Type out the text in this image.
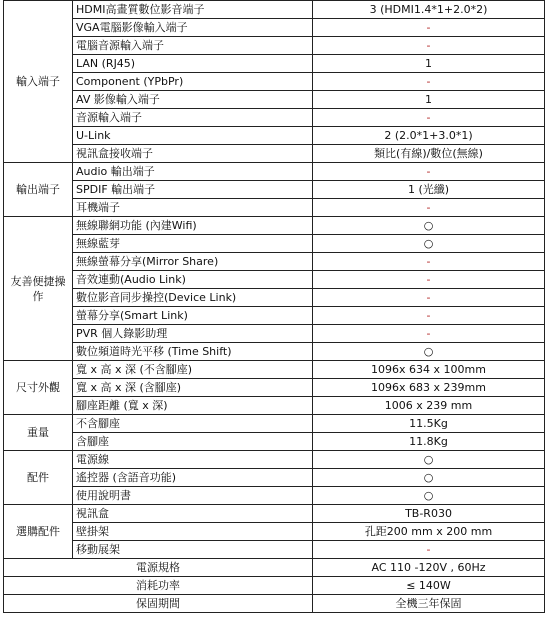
輸入端子	HDMI高畫質數位影音端子	3 (HDMI1.4*1+2.0*2)
	VGA電腦影像輸入端子	-
	電腦音源輸入端子	-
	LAN (RJ45)	1
	Component (YPbPr)	-
	AV 影像輸入端子	1
	音源輸入端子	-
	U-Link	2 (2.0*1+3.0*1)
	視訊盒接收端子	類比(有線)/數位(無線)
輸出端子	Audio 輸出端子	-
	SPDIF 輸出端子	1 (光纖)
	耳機端子	-
友善便捷操作	無線聯網功能 (內建Wifi)	○
	無線藍芽	○
	無線螢幕分享(Mirror Share)	-
	音效連動(Audio Link)	-
	數位影音同步操控(Device Link)	-
	螢幕分享(Smart Link)	-
	PVR 個人錄影助理	-
	數位頻道時光平移 (Time Shift)	○
尺寸外觀	寬 x 高 x 深 (不含腳座)	1096x 634 x 100mm
	寬 x 高 x 深 (含腳座)	1096x 683 x 239mm
	腳座距離 (寬 x 深)	1006 x 239 mm
重量	不含腳座	11.5Kg
	含腳座	11.8Kg
配件	電源線	○
	遙控器 (含語音功能)	○
	使用說明書	○
選購配件	視訊盒	TB-R030
	壁掛架	孔距200 mm x 200 mm
	移動展架	-
電源規格		AC 110 -120V , 60Hz
消耗功率		≤ 140W
保固期間		全機三年保固
